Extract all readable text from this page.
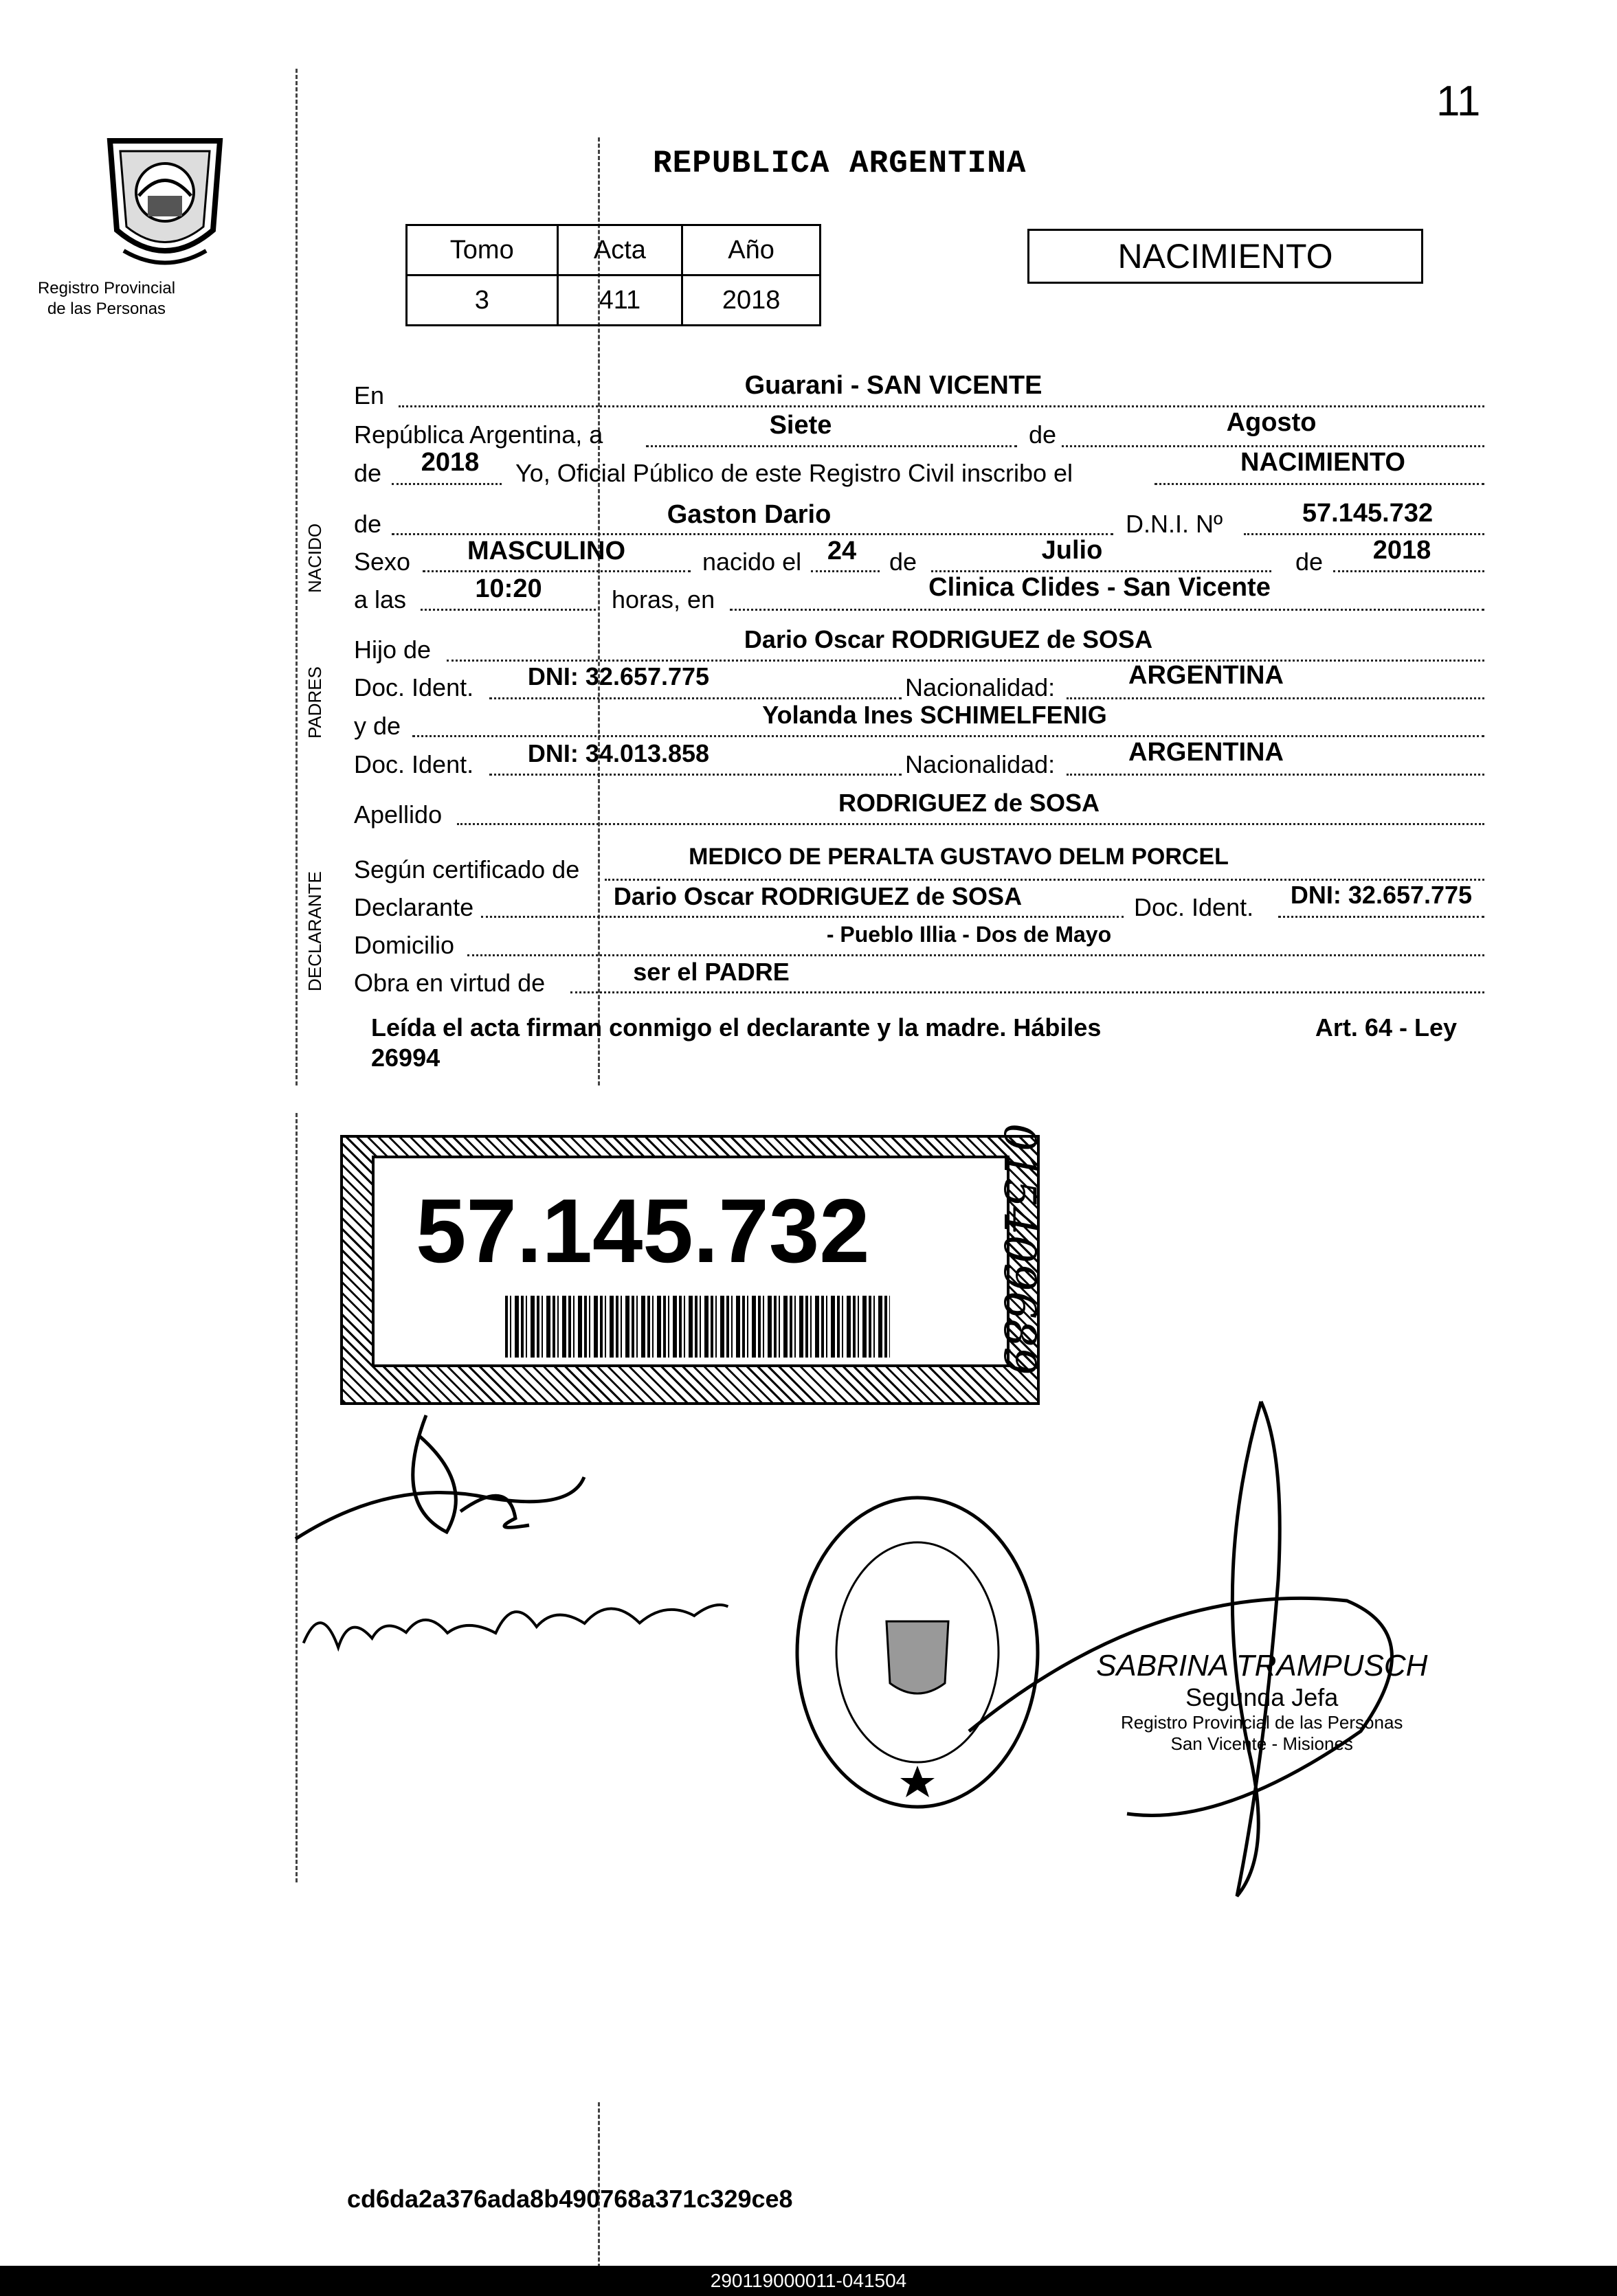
11
Registro Provincial
de las Personas
REPUBLICA ARGENTINA
Tomo	Acta	Año
3	411	2018
NACIMIENTO
NACIDO
PADRES
DECLARANTE
En	Guarani - SAN VICENTE
República Argentina, a	Siete	de	Agosto
de	2018	Yo, Oficial Público de este Registro Civil inscribo el	NACIMIENTO
de	Gaston Dario	D.N.I. Nº	57.145.732
Sexo	MASCULINO	nacido el 24	de	Julio	de	2018
a las	10:20	horas, en	Clinica Clides - San Vicente
Hijo de	Dario Oscar RODRIGUEZ de SOSA
Doc. Ident.	DNI: 32.657.775	Nacionalidad:	ARGENTINA
y de	Yolanda Ines SCHIMELFENIG
Doc. Ident.	DNI: 34.013.858	Nacionalidad:	ARGENTINA
Apellido	RODRIGUEZ de SOSA
Según certificado de	MEDICO DE PERALTA GUSTAVO DELM PORCEL
Declarante	Dario Oscar RODRIGUEZ de SOSA	Doc. Ident.	DNI: 32.657.775
Domicilio	- Pueblo Illia - Dos de Mayo
Obra en virtud de	ser el PADRE
Leída el acta firman conmigo el declarante y la madre. Hábiles	Art. 64 - Ley
26994
57.145.732	015409689
SABRINA TRAMPUSCH
Segunda Jefa
Registro Provincial de las Personas
San Vicente - Misiones
cd6da2a376ada8b490768a371c329ce8
290119000011-041504
